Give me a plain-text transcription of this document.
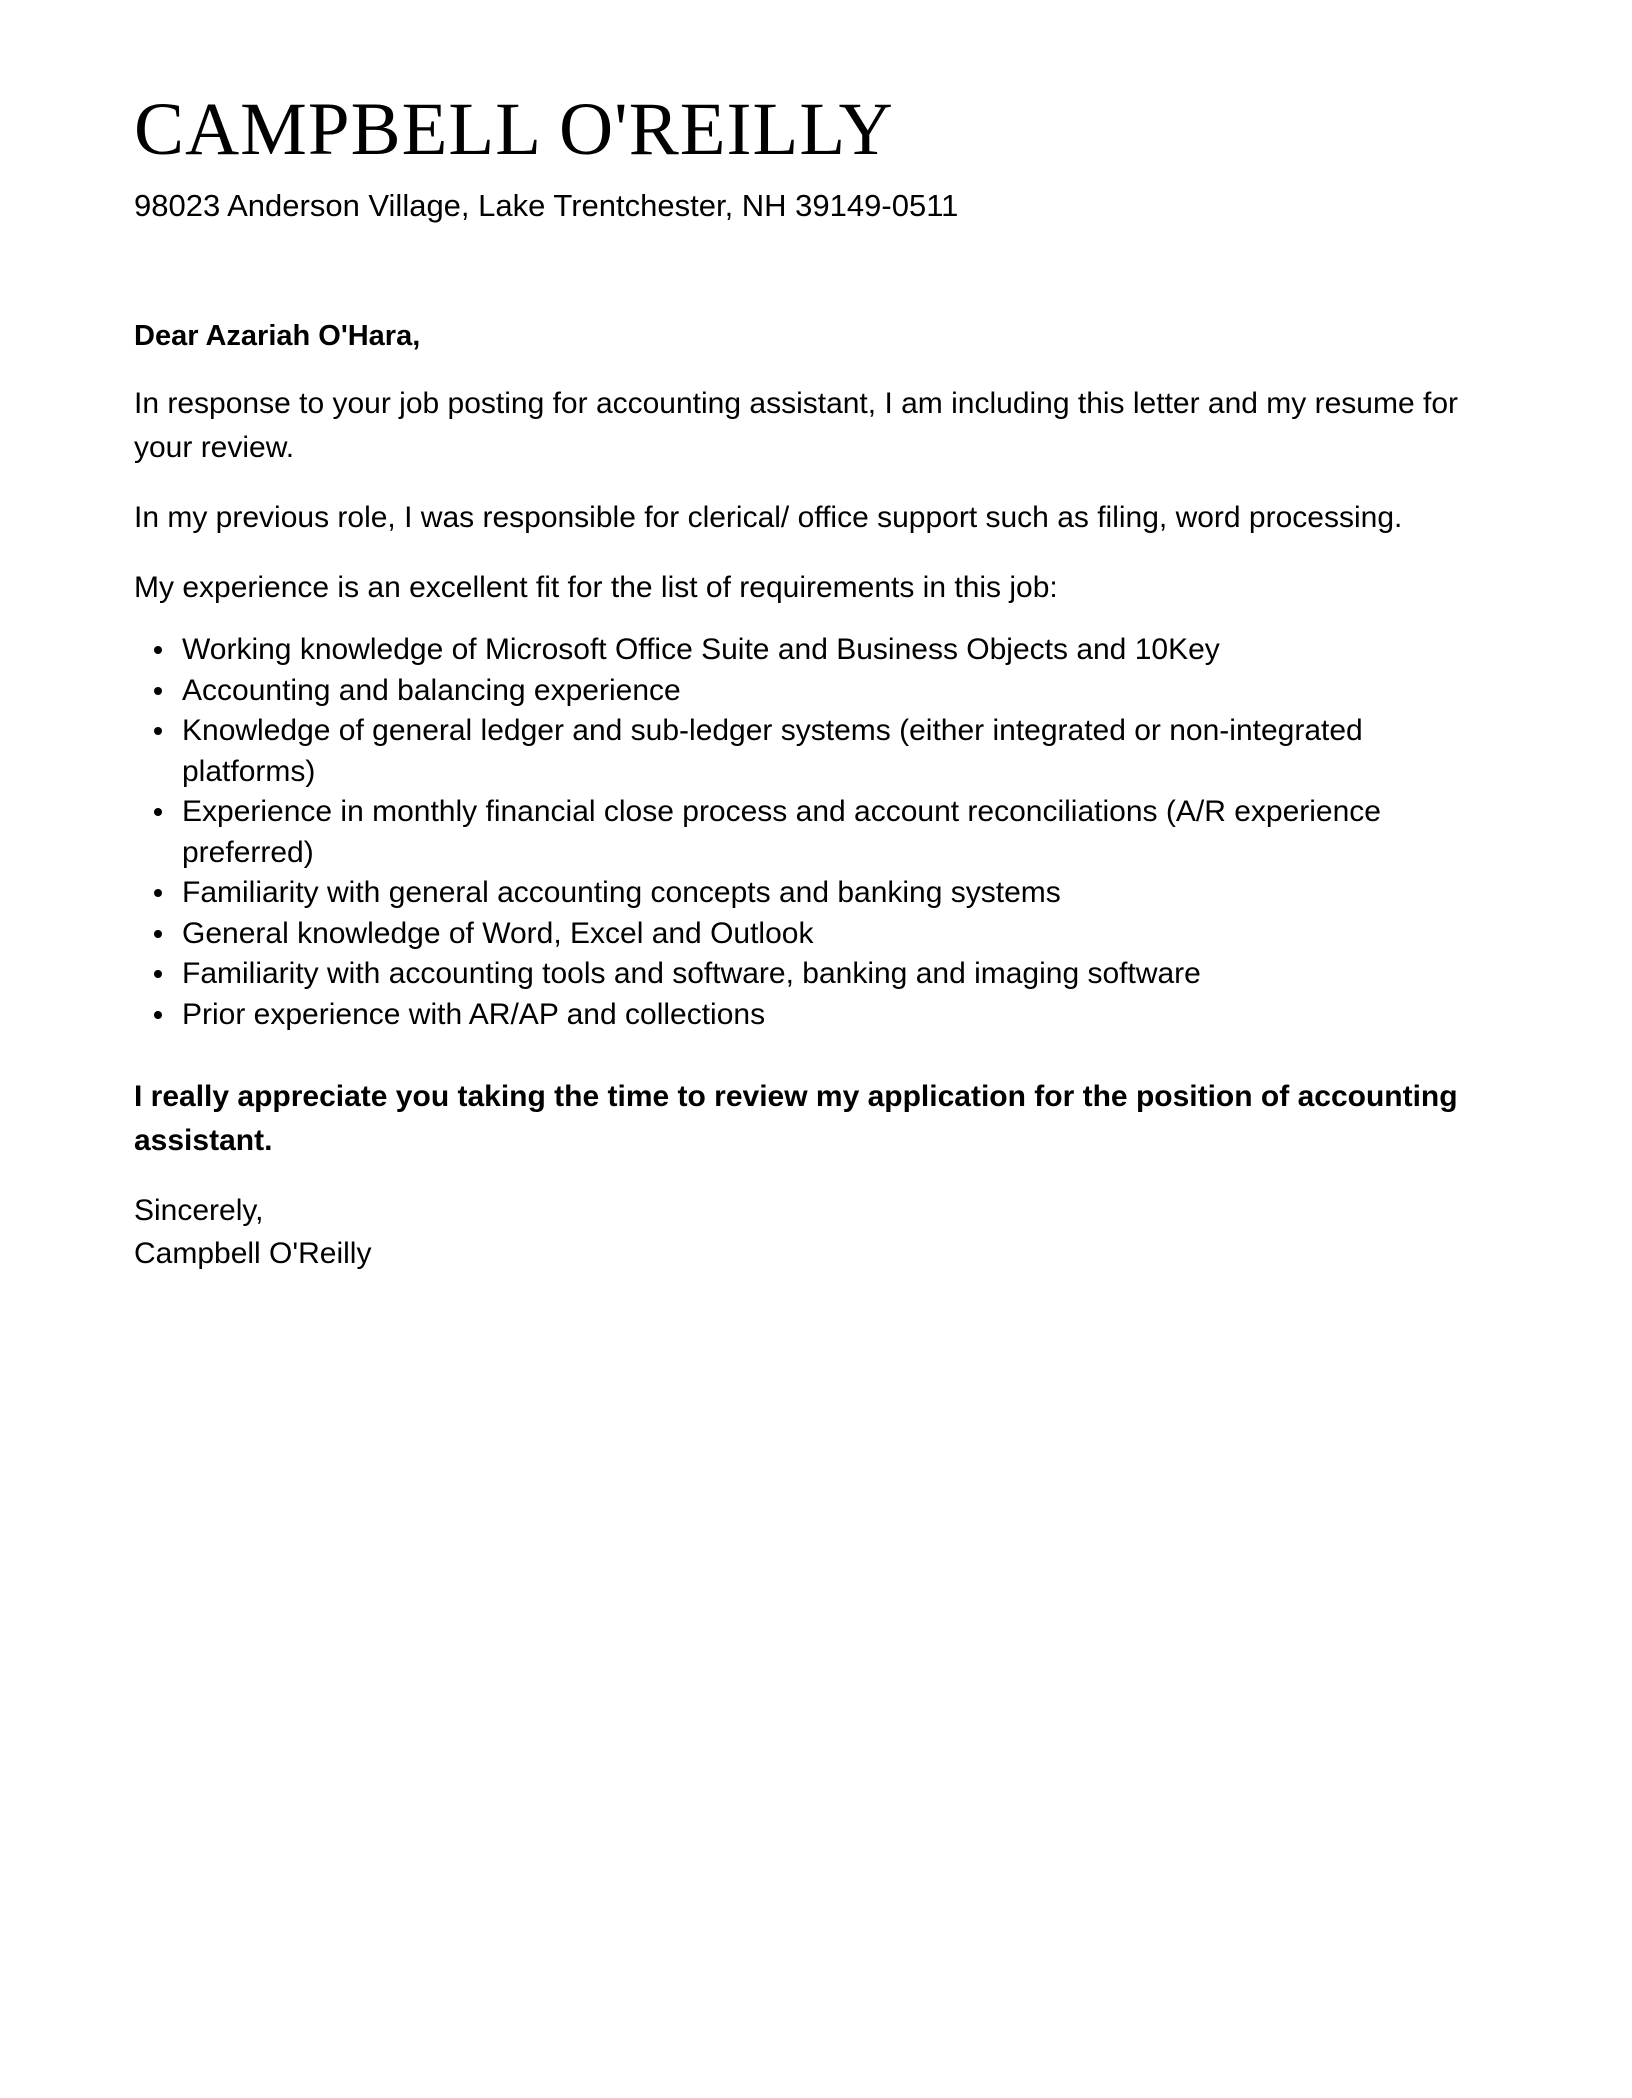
CAMPBELL O'REILLY
98023 Anderson Village, Lake Trentchester, NH 39149-0511
Dear Azariah O'Hara,
In response to your job posting for accounting assistant, I am including this letter and my resume for your review.
In my previous role, I was responsible for clerical/ office support such as filing, word processing.
My experience is an excellent fit for the list of requirements in this job:
Working knowledge of Microsoft Office Suite and Business Objects and 10Key
Accounting and balancing experience
Knowledge of general ledger and sub-ledger systems (either integrated or non-integrated platforms)
Experience in monthly financial close process and account reconciliations (A/R experience preferred)
Familiarity with general accounting concepts and banking systems
General knowledge of Word, Excel and Outlook
Familiarity with accounting tools and software, banking and imaging software
Prior experience with AR/AP and collections
I really appreciate you taking the time to review my application for the position of accounting assistant.
Sincerely,
Campbell O'Reilly
